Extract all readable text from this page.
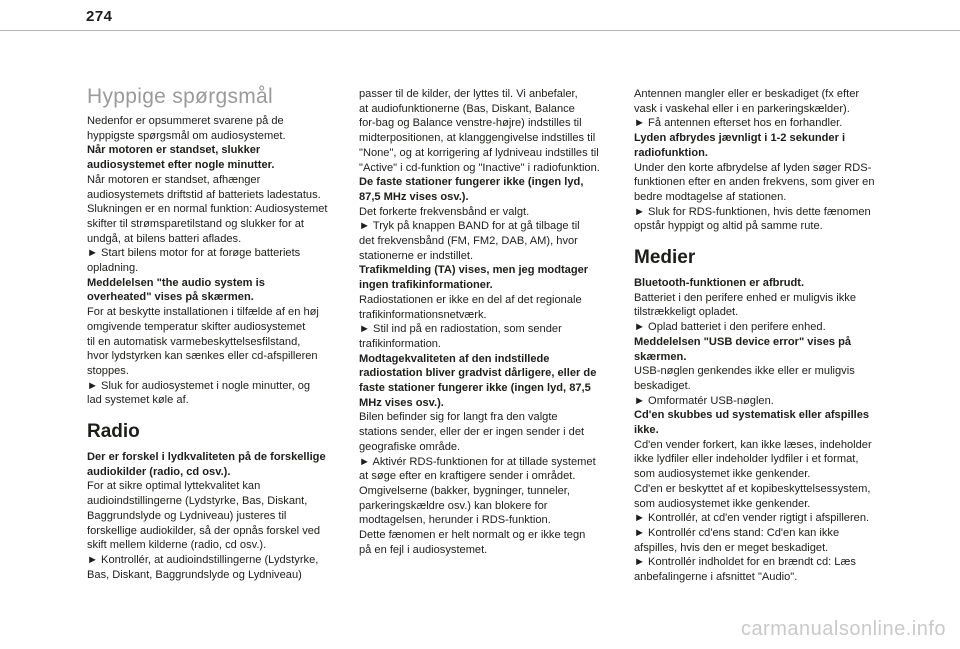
274
Hyppige spørgsmål
Nedenfor er opsummeret svarene på de
hyppigste spørgsmål om audiosystemet.
Når motoren er standset, slukker
audiosystemet efter nogle minutter.
Når motoren er standset, afhænger
audiosystemets driftstid af batteriets ladestatus.
Slukningen er en normal funktion: Audiosystemet
skifter til strømsparetilstand og slukker for at
undgå, at bilens batteri aflades.
► Start bilens motor for at forøge batteriets
opladning.
Meddelelsen "the audio system is
overheated" vises på skærmen.
For at beskytte installationen i tilfælde af en høj
omgivende temperatur skifter audiosystemet
til en automatisk varmebeskyttelsesfilstand,
hvor lydstyrken kan sænkes eller cd-afspilleren
stoppes.
► Sluk for audiosystemet i nogle minutter, og
lad systemet køle af.
Radio
Der er forskel i lydkvaliteten på de forskellige
audiokilder (radio, cd osv.).
For at sikre optimal lyttekvalitet kan
audioindstillingerne (Lydstyrke, Bas, Diskant,
Baggrundslyde og Lydniveau) justeres til
forskellige audiokilder, så der opnås forskel ved
skift mellem kilderne (radio, cd osv.).
► Kontrollér, at audioindstillingerne (Lydstyrke,
Bas, Diskant, Baggrundslyde og Lydniveau)
passer til de kilder, der lyttes til. Vi anbefaler,
at audiofunktionerne (Bas, Diskant, Balance
for-bag og Balance venstre-højre) indstilles til
midterpositionen, at klanggengivelse indstilles til
"None", og at korrigering af lydniveau indstilles til
"Active" i cd-funktion og "Inactive" i radiofunktion.
De faste stationer fungerer ikke (ingen lyd,
87,5 MHz vises osv.).
Det forkerte frekvensbånd er valgt.
► Tryk på knappen BAND for at gå tilbage til
det frekvensbånd (FM, FM2, DAB, AM), hvor
stationerne er indstillet.
Trafikmelding (TA) vises, men jeg modtager
ingen trafikinformationer.
Radiostationen er ikke en del af det regionale
trafikinformationsnetværk.
► Stil ind på en radiostation, som sender
trafikinformation.
Modtagekvaliteten af den indstillede
radiostation bliver gradvist dårligere, eller de
faste stationer fungerer ikke (ingen lyd, 87,5
MHz vises osv.).
Bilen befinder sig for langt fra den valgte
stations sender, eller der er ingen sender i det
geografiske område.
► Aktivér RDS-funktionen for at tillade systemet
at søge efter en kraftigere sender i området.
Omgivelserne (bakker, bygninger, tunneler,
parkeringskældre osv.) kan blokere for
modtagelsen, herunder i RDS-funktion.
Dette fænomen er helt normalt og er ikke tegn
på en fejl i audiosystemet.
Antennen mangler eller er beskadiget (fx efter
vask i vaskehal eller i en parkeringskælder).
► Få antennen efterset hos en forhandler.
Lyden afbrydes jævnligt i 1-2 sekunder i
radiofunktion.
Under den korte afbrydelse af lyden søger RDS-
funktionen efter en anden frekvens, som giver en
bedre modtagelse af stationen.
► Sluk for RDS-funktionen, hvis dette fænomen
opstår hyppigt og altid på samme rute.
Medier
Bluetooth-funktionen er afbrudt.
Batteriet i den perifere enhed er muligvis ikke
tilstrækkeligt opladet.
► Oplad batteriet i den perifere enhed.
Meddelelsen "USB device error" vises på
skærmen.
USB-nøglen genkendes ikke eller er muligvis
beskadiget.
► Omformatér USB-nøglen.
Cd'en skubbes ud systematisk eller afspilles
ikke.
Cd'en vender forkert, kan ikke læses, indeholder
ikke lydfiler eller indeholder lydfiler i et format,
som audiosystemet ikke genkender.
Cd'en er beskyttet af et kopibeskyttelsessystem,
som audiosystemet ikke genkender.
► Kontrollér, at cd'en vender rigtigt i afspilleren.
► Kontrollér cd'ens stand: Cd'en kan ikke
afspilles, hvis den er meget beskadiget.
► Kontrollér indholdet for en brændt cd: Læs
anbefalingerne i afsnittet "Audio".
carmanualsonline.info
